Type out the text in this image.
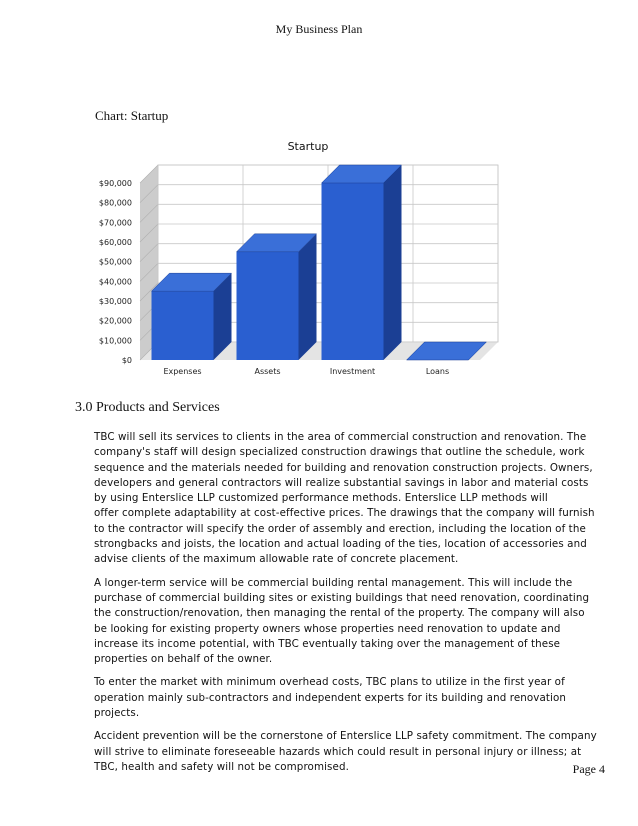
My Business Plan
Chart: Startup
Startup
$0
$10,000
$20,000
$30,000
$40,000
$50,000
$60,000
$70,000
$80,000
$90,000
Expenses	Assets	Investment	Loans
3.0 Products and Services
TBC will sell its services to clients in the area of commercial construction and renovation. The
company's staff will design specialized construction drawings that outline the schedule, work
sequence and the materials needed for building and renovation construction projects. Owners,
developers and general contractors will realize substantial savings in labor and material costs
by using Enterslice LLP customized performance methods. Enterslice LLP methods will
offer complete adaptability at cost-effective prices. The drawings that the company will furnish
to the contractor will specify the order of assembly and erection, including the location of the
strongbacks and joists, the location and actual loading of the ties, location of accessories and
advise clients of the maximum allowable rate of concrete placement.
A longer-term service will be commercial building rental management. This will include the
purchase of commercial building sites or existing buildings that need renovation, coordinating
the construction/renovation, then managing the rental of the property. The company will also
be looking for existing property owners whose properties need renovation to update and
increase its income potential, with TBC eventually taking over the management of these
properties on behalf of the owner.
To enter the market with minimum overhead costs, TBC plans to utilize in the first year of
operation mainly sub-contractors and independent experts for its building and renovation
projects.
Accident prevention will be the cornerstone of Enterslice LLP safety commitment. The company
will strive to eliminate foreseeable hazards which could result in personal injury or illness; at
TBC, health and safety will not be compromised.	Page 4
